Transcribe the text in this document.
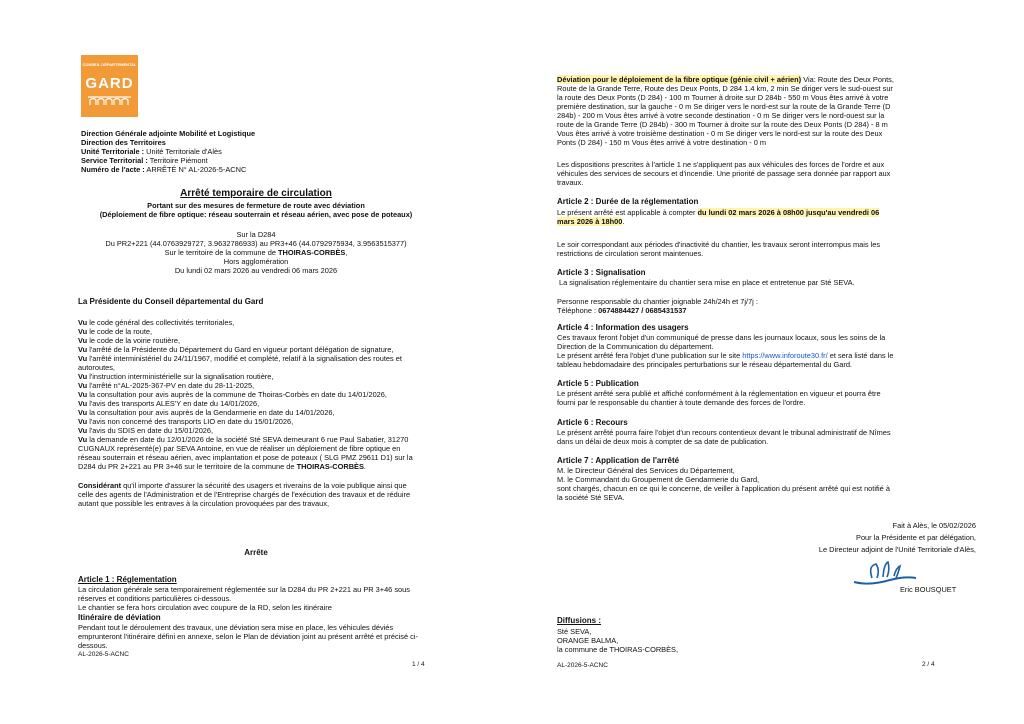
CONSEIL DÉPARTEMENTAL
GARD
Direction Générale adjointe Mobilité et Logistique
Direction des Territoires
Unité Territoriale : Unité Territoriale d'Alès
Service Territorial : Territoire Piémont
Numéro de l'acte : ARRÊTÉ N° AL-2026-5-ACNC
Arrêté temporaire de circulation
Portant sur des mesures de fermeture de route avec déviation
(Déploiement de fibre optique: réseau souterrain et réseau aérien, avec pose de poteaux)
Sur la D284
Du PR2+221 (44.0763929727, 3.9632786933) au PR3+46 (44.0792975934, 3.9563515377)
Sur le territoire de la commune de THOIRAS-CORBÈS,
Hors agglomération
Du lundi 02 mars 2026 au vendredi 06 mars 2026
La Présidente du Conseil départemental du Gard
Vu le code général des collectivités territoriales,
Vu le code de la route,
Vu le code de la voirie routière,
Vu l'arrêté de la Présidente du Département du Gard en vigueur portant délégation de signature,
Vu l'arrêté interministériel du 24/11/1967, modifié et complété, relatif à la signalisation des routes et
autoroutes,
Vu l'instruction interministérielle sur la signalisation routière,
Vu l'arrêté n°AL-2025-367-PV en date du 28-11-2025,
Vu la consultation pour avis auprès de la commune de Thoiras-Corbès en date du 14/01/2026,
Vu l'avis des transports ALES'Y en date du 14/01/2026,
Vu la consultation pour avis auprès de la Gendarmerie en date du 14/01/2026,
Vu l'avis non concerné des transports LIO en date du 15/01/2026,
Vu l'avis du SDIS en date du 15/01/2026,
Vu la demande en date du 12/01/2026 de la société Sté SEVA demeurant 6 rue Paul Sabatier, 31270
CUGNAUX représenté(e) par SEVA Antoine, en vue de réaliser un déploiement de fibre optique en
réseau souterrain et réseau aérien, avec implantation et pose de poteaux ( SLG PMZ 29611 D1) sur la
D284 du PR 2+221 au PR 3+46 sur le territoire de la commune de THOIRAS-CORBÈS.
Considérant qu'il importe d'assurer la sécurité des usagers et riverains de la voie publique ainsi que
celle des agents de l'Administration et de l'Entreprise chargés de l'exécution des travaux et de réduire
autant que possible les entraves à la circulation provoquées par des travaux,
Arrête
Article 1 : Réglementation
La circulation générale sera temporairement réglementée sur la D284 du PR 2+221 au PR 3+46 sous
réserves et conditions particulières ci-dessous.
Le chantier se fera hors circulation avec coupure de la RD, selon les itinéraire
Itinéraire de déviation
Pendant tout le déroulement des travaux, une déviation sera mise en place, les véhicules déviés
emprunteront l'itinéraire défini en annexe, selon le Plan de déviation joint au présent arrêté et précisé ci-
dessous.
AL-2026-5-ACNC
1 / 4
Déviation pour le déploiement de la fibre optique (génie civil + aérien) Via: Route des Deux Ponts,
Route de la Grande Terre, Route des Deux Ponts, D 284 1.4 km, 2 min Se diriger vers le sud-ouest sur
la route des Deux Ponts (D 284) - 100 m Tourner à droite sur D 284b - 550 m Vous êtes arrivé à votre
première destination, sur la gauche - 0 m Se diriger vers le nord-est sur la route de la Grande Terre (D
284b) - 200 m Vous êtes arrivé à votre seconde destination - 0 m Se diriger vers le nord-ouest sur la
route de la Grande Terre (D 284b) - 300 m Tourner à droite sur la route des Deux Ponts (D 284) - 8 m
Vous êtes arrivé à votre troisième destination - 0 m Se diriger vers le nord-est sur la route des Deux
Ponts (D 284) - 150 m Vous êtes arrivé à votre destination - 0 m
Les dispositions prescrites à l'article 1 ne s'appliquent pas aux véhicules des forces de l'ordre et aux
véhicules des services de secours et d'incendie. Une priorité de passage sera donnée par rapport aux
travaux.
Article 2 : Durée de la réglementation
Le présent arrêté est applicable à compter du lundi 02 mars 2026 à 08h00 jusqu'au vendredi 06
mars 2026 à 18h00.
Le soir correspondant aux périodes d'inactivité du chantier, les travaux seront interrompus mais les
restrictions de circulation seront maintenues.
Article 3 : Signalisation
La signalisation réglementaire du chantier sera mise en place et entretenue par Sté SEVA.
Personne responsable du chantier joignable 24h/24h et 7j/7j :
Téléphone : 0674884427 / 0685431537
Article 4 : Information des usagers
Ces travaux feront l'objet d'un communiqué de presse dans les journaux locaux, sous les soins de la
Direction de la Communication du département.
Le présent arrêté fera l'objet d'une publication sur le site https://www.inforoute30.fr/ et sera listé dans le
tableau hebdomadaire des principales perturbations sur le réseau départemental du Gard.
Article 5 : Publication
Le présent arrêté sera publié et affiché conformément à la réglementation en vigueur et pourra être
fourni par le responsable du chantier à toute demande des forces de l'ordre.
Article 6 : Recours
Le présent arrêté pourra faire l'objet d'un recours contentieux devant le tribunal administratif de Nîmes
dans un délai de deux mois à compter de sa date de publication.
Article 7 : Application de l'arrêté
M. le Directeur Général des Services du Département,
M. le Commandant du Groupement de Gendarmerie du Gard,
sont chargés, chacun en ce qui le concerne, de veiller à l'application du présent arrêté qui est notifié à
la société Sté SEVA.
Fait à Alès, le 05/02/2026
Pour la Présidente et par délégation,
Le Directeur adjoint de l'Unité Territoriale d'Alès,
Eric BOUSQUET
Diffusions :
Sté SEVA,
ORANGE BALMA,
la commune de THOIRAS-CORBÈS,
AL-2026-5-ACNC	2 / 4
